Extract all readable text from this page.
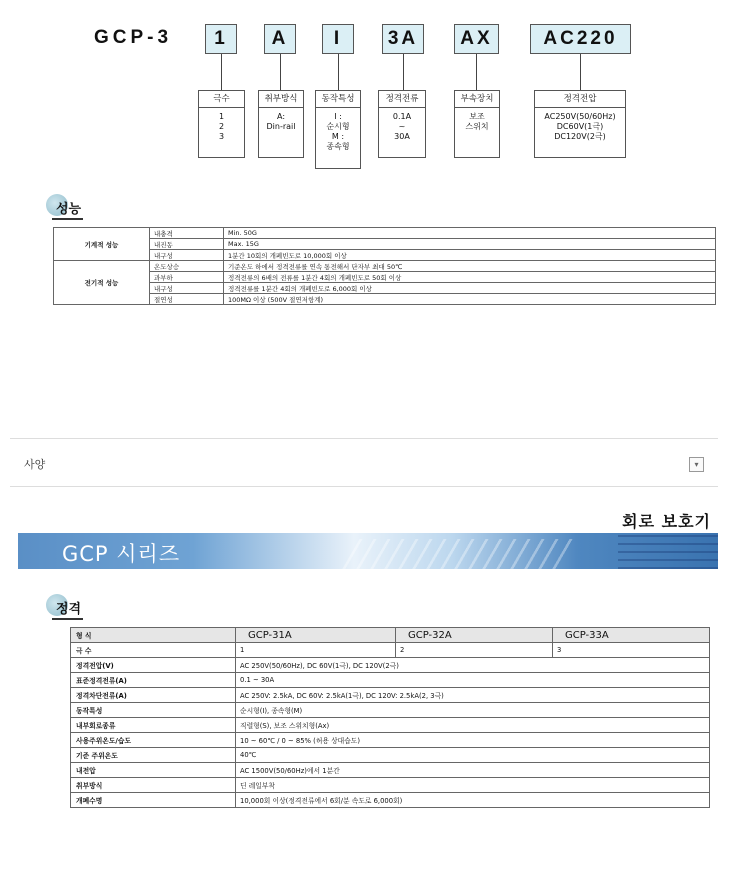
GCP-3	1	A	I	3A	AX	AC220
극수
1
2
3
취부방식
A:
Din-rail
동작특성
I :
순시형
M :
종속형
정격전류
0.1A
~
30A
부속장치
보조
스위치
정격전압
AC250V(50/60Hz)
DC60V(1극)
DC120V(2극)
성능
기계적 성능	내충격	Min. 50G
	내진동	Max. 15G
	내구성	1분간 10회의 개폐빈도로 10,000회 이상
전기적 성능	온도상승	기준온도 하에서 정격전류를 연속 통전해서 단자부 최대 50℃
	과부하	정격전류의 6배의 전류를 1분간 4회의 개폐빈도로 50회 이상
	내구성	정격전류를 1분간 4회의 개폐빈도로 6,000회 이상
	절연성	100MΩ 이상 (500V 절연저항계)
사양	▾
회로 보호기
GCP 시리즈
정격
형 식	GCP-31A	GCP-32A	GCP-33A
극 수	1	2	3
정격전압(V)	AC 250V(50/60Hz), DC 60V(1극), DC 120V(2극)		
표준정격전류(A)	0.1 ~ 30A		
정격차단전류(A)	AC 250V: 2.5kA, DC 60V: 2.5kA(1극), DC 120V: 2.5kA(2, 3극)		
동작특성	순시형(I), 종속형(M)		
내부회로종류	직렬형(S), 보조 스위치형(Ax)		
사용주위온도/습도	10 ~ 60℃ / 0 ~ 85% (허용 상대습도)		
기준 주위온도	40℃		
내전압	AC 1500V(50/60Hz)에서 1분간		
취부방식	딘 레일부착		
개폐수명	10,000회 이상(정격전류에서 6회/분 속도로 6,000회)		
